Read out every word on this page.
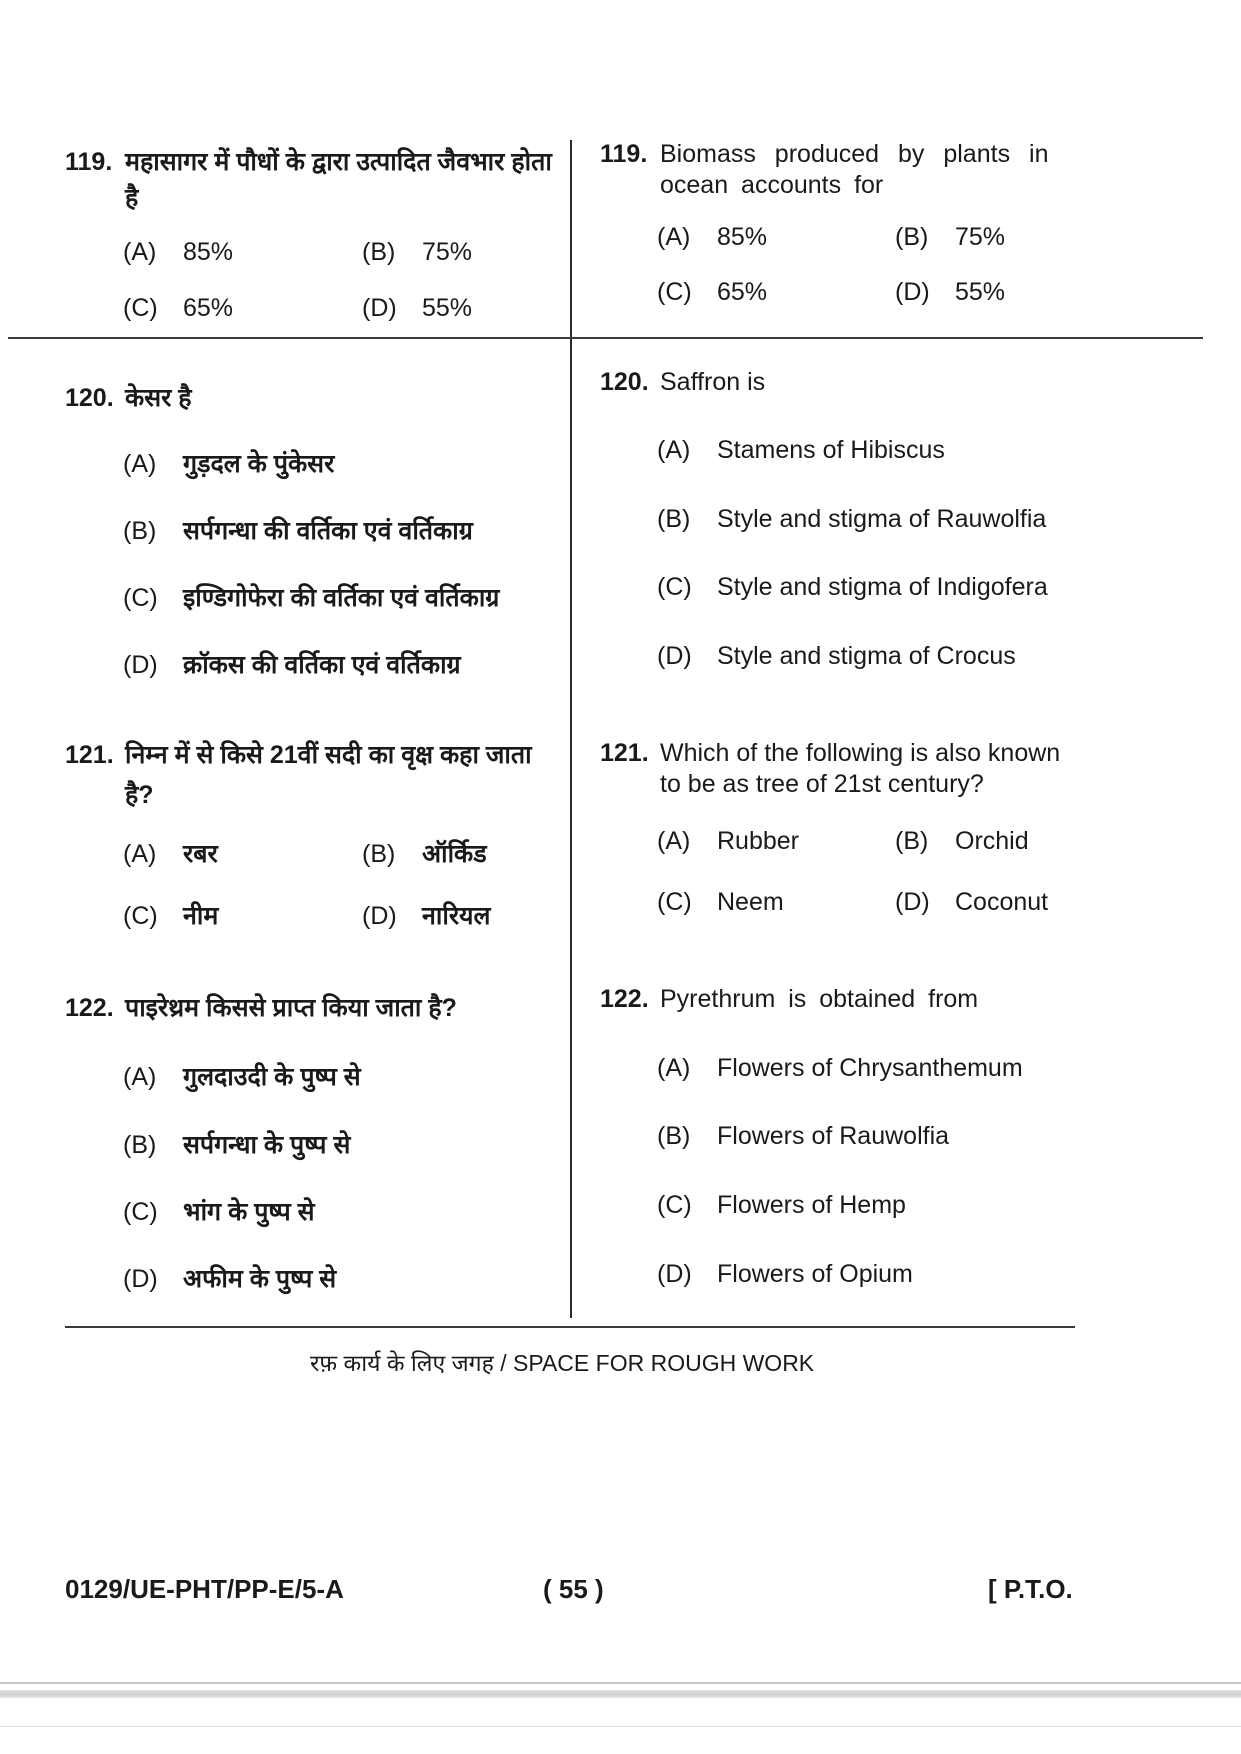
119. महासागर में पौधों के द्वारा उत्पादित जैवभार होता
है
(A) 85%	(B) 75%
(C) 65%	(D) 55%
119. Biomass produced by plants in
ocean accounts for
(A) 85%	(B) 75%
(C) 65%	(D) 55%
120. केसर है
(A) गुड़दल के पुंकेसर
(B) सर्पगन्धा की वर्तिका एवं वर्तिकाग्र
(C) इण्डिगोफेरा की वर्तिका एवं वर्तिकाग्र
(D) क्रॉकस की वर्तिका एवं वर्तिकाग्र
120. Saffron is
(A) Stamens of Hibiscus
(B) Style and stigma of Rauwolfia
(C) Style and stigma of Indigofera
(D) Style and stigma of Crocus
121. निम्न में से किसे 21वीं सदी का वृक्ष कहा जाता
है?
(A) रबर	(B) ऑर्किड
(C) नीम	(D) नारियल
121. Which of the following is also known
to be as tree of 21st century?
(A) Rubber	(B) Orchid
(C) Neem	(D) Coconut
122. पाइरेथ्रम किससे प्राप्त किया जाता है?
(A) गुलदाउदी के पुष्प से
(B) सर्पगन्धा के पुष्प से
(C) भांग के पुष्प से
(D) अफीम के पुष्प से
122. Pyrethrum is obtained from
(A) Flowers of Chrysanthemum
(B) Flowers of Rauwolfia
(C) Flowers of Hemp
(D) Flowers of Opium
रफ़ कार्य के लिए जगह / SPACE FOR ROUGH WORK
0129/UE-PHT/PP-E/5-A	( 55 )	[ P.T.O.
